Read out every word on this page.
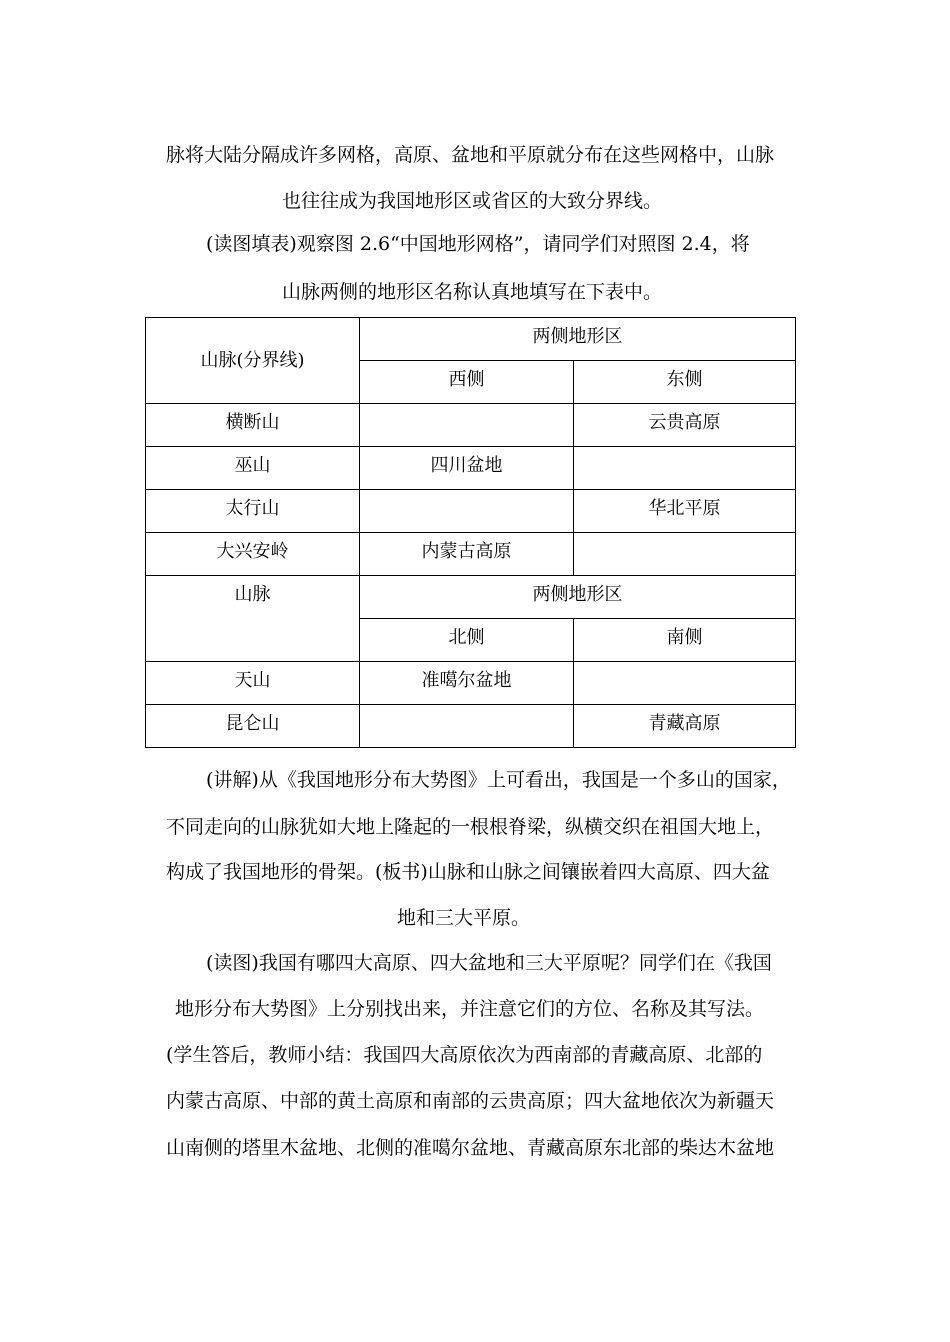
脉将大陆分隔成许多网格，高原、盆地和平原就分布在这些网格中，山脉
也往往成为我国地形区或省区的大致分界线。
(读图填表)观察图 2.6“中国地形网格”，请同学们对照图 2.4，将
山脉两侧的地形区名称认真地填写在下表中。
山脉(分界线)	两侧地形区	
	西侧	东侧
横断山		云贵高原
巫山	四川盆地	
太行山		华北平原
大兴安岭	内蒙古高原	
山脉	两侧地形区	
	北侧	南侧
天山	准噶尔盆地	
昆仑山		青藏高原
(讲解)从《我国地形分布大势图》上可看出，我国是一个多山的国家，
不同走向的山脉犹如大地上隆起的一根根脊梁，纵横交织在祖国大地上，
构成了我国地形的骨架。(板书)山脉和山脉之间镶嵌着四大高原、四大盆
地和三大平原。
(读图)我国有哪四大高原、四大盆地和三大平原呢？同学们在《我国
地形分布大势图》上分别找出来，并注意它们的方位、名称及其写法。
(学生答后，教师小结：我国四大高原依次为西南部的青藏高原、北部的
内蒙古高原、中部的黄土高原和南部的云贵高原；四大盆地依次为新疆天
山南侧的塔里木盆地、北侧的准噶尔盆地、青藏高原东北部的柴达木盆地
